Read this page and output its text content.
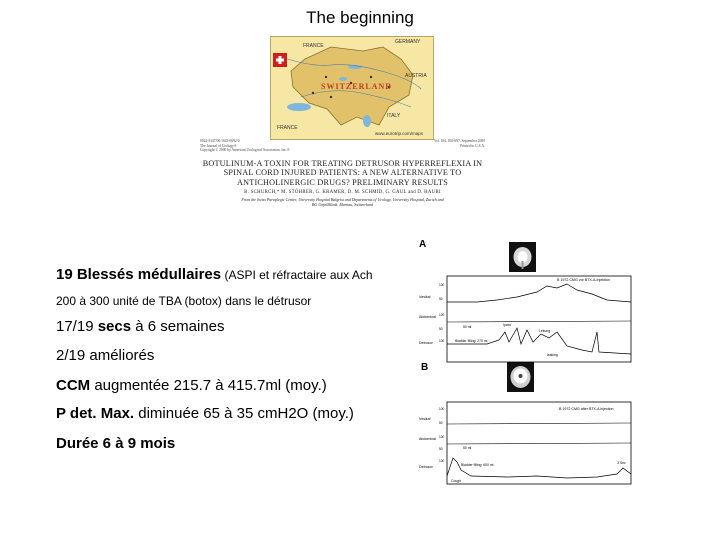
The beginning
FRANCE
GERMANY
SWITZERLAND
AUSTRIA
ITALY
FRANCE
www.eurotrip.com/maps
0022-5347/00/1643-0692/0
The Journal of Urology®
Copyright © 2000 by American Urological Association, Inc.®
Vol. 164, 692-697, September 2000
Printed in U.S.A.
BOTULINUM-A TOXIN FOR TREATING DETRUSOR HYPERREFLEXIA IN
SPINAL CORD INJURED PATIENTS: A NEW ALTERNATIVE TO
ANTICHOLINERGIC DRUGS? PRELIMINARY RESULTS
B. SCHURCH,* M. STÖHRER, G. KRAMER, D. M. SCHMID, G. GAUL and D. HAURI
From the Swiss Paraplegic Centre, University Hospital Balgrist and Departments of Urology, University Hospital, Zurich and
BG Unfallklinik, Murnau, Switzerland
19 Blessés médullaires (ASPI et réfractaire aux Ach
200 à 300 unité de TBA (botox) dans le détrusor
17/19 secs à 6 semaines
2/19 améliorés
CCM augmentée 215.7 à 415.7ml (moy.)
P det. Max. diminuée 65 à 35 cmH2O (moy.)
Durée 6 à 9 mois
A
B
B 1972 CMG vor BTX-A-Injektion
Vesikal
Abdominal
Detrusor
100
50
100
50
100
50 ml	Ipcec
Leitung
Bladder filling: 270 ml
leaking
B 1972 CMG after BTX-A injection
Vesikal
Abdominal
Detrusor
100
50
100
50
100
50 ml
Bladder filling: 600 ml
Cough
3 Sec
